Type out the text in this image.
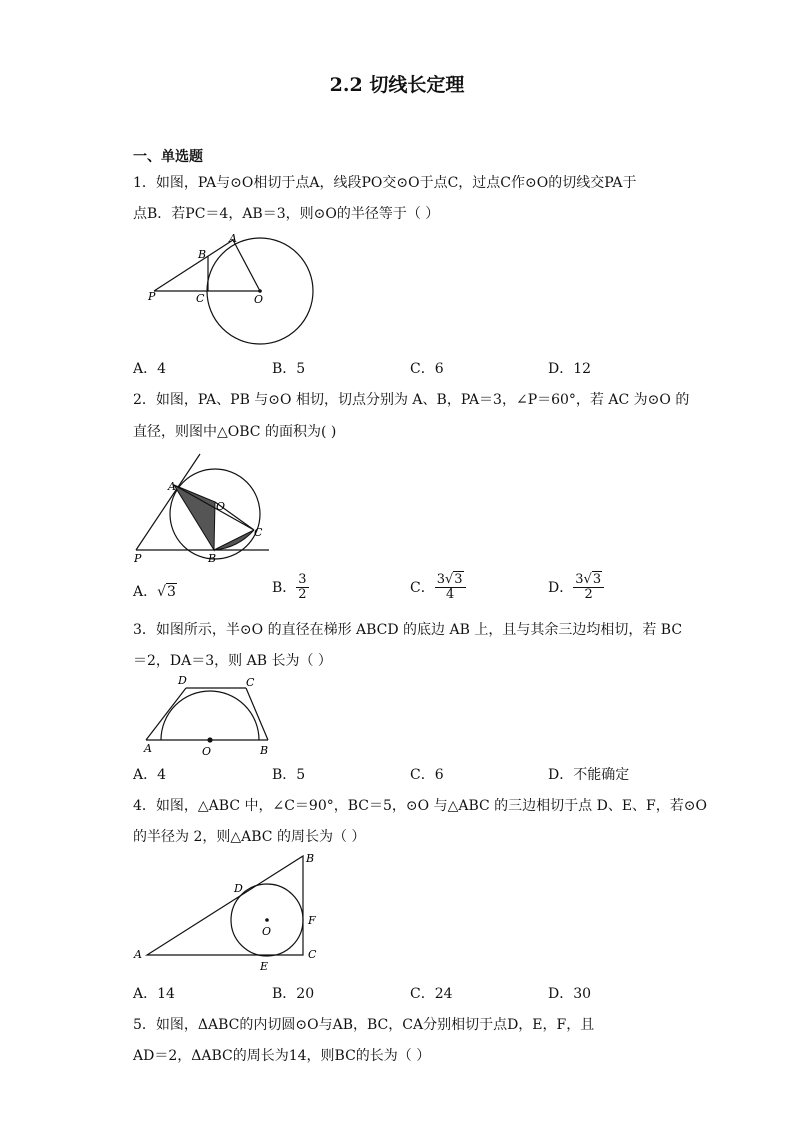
2.2 切线长定理
一、单选题
1．如图，PA与⊙O相切于点A，线段PO交⊙O于点C，过点C作⊙O的切线交PA于
点B．若PC＝4，AB＝3，则⊙O的半径等于（ ）
A
B
P	C	O
A．4	B．5	C．6	D．12
2．如图，PA、PB 与⊙O 相切，切点分别为 A、B，PA＝3，∠P＝60°，若 AC 为⊙O 的
直径，则图中△OBC 的面积为( )
A
O
C
B
P
A．√3	B． $\frac{3}{2}$	C． $\frac{3√3}{4}$	D． $\frac{3√3}{2}$
3．如图所示，半⊙O 的直径在梯形 ABCD 的底边 AB 上，且与其余三边均相切，若 BC
＝2，DA＝3，则 AB 长为（ ）
A	B
O
D	C
A．4	B．5	C．6	D．不能确定
4．如图，△ABC 中，∠C＝90°，BC＝5，⊙O 与△ABC 的三边相切于点 D、E、F，若⊙O
的半径为 2，则△ABC 的周长为（ ）
A
B
C
D
E
F
O
A．14	B．20	C．24	D．30
5．如图，ΔABC的内切圆⊙O与AB，BC，CA分别相切于点D，E，F，且
AD＝2，ΔABC的周长为14，则BC的长为（ ）
